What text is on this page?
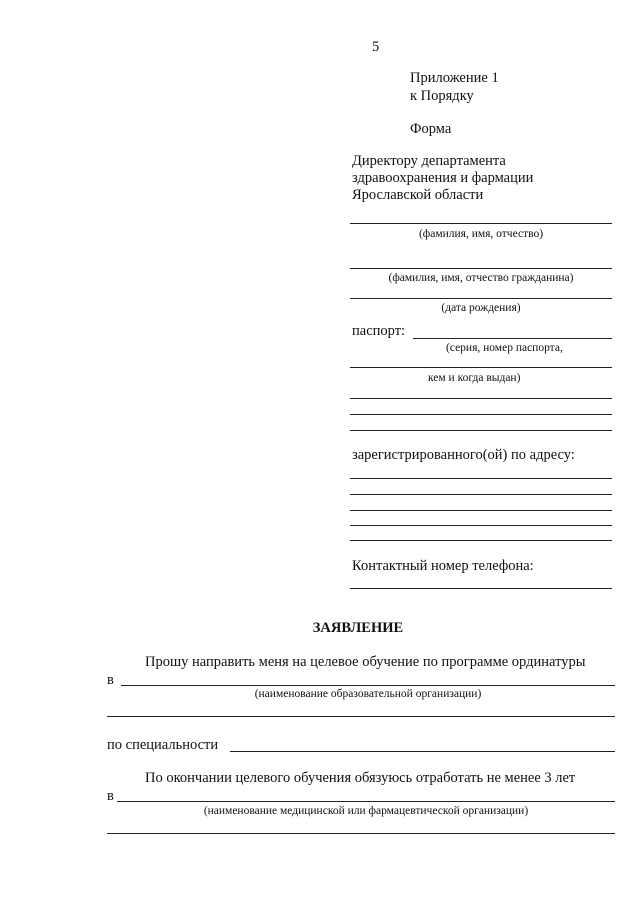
5
Приложение 1
к Порядку
Форма
Директору департамента
здравоохранения и фармации
Ярославской области
(фамилия, имя, отчество)
(фамилия, имя, отчество гражданина)
(дата рождения)
паспорт:
(серия, номер паспорта,
кем и когда выдан)
зарегистрированного(ой) по адресу:
Контактный номер телефона:
ЗАЯВЛЕНИЕ
Прошу направить меня на целевое обучение по программе ординатуры
в
(наименование образовательной организации)
по специальности
По окончании целевого обучения обязуюсь отработать не менее 3 лет
в
(наименование медицинской или фармацевтической организации)
